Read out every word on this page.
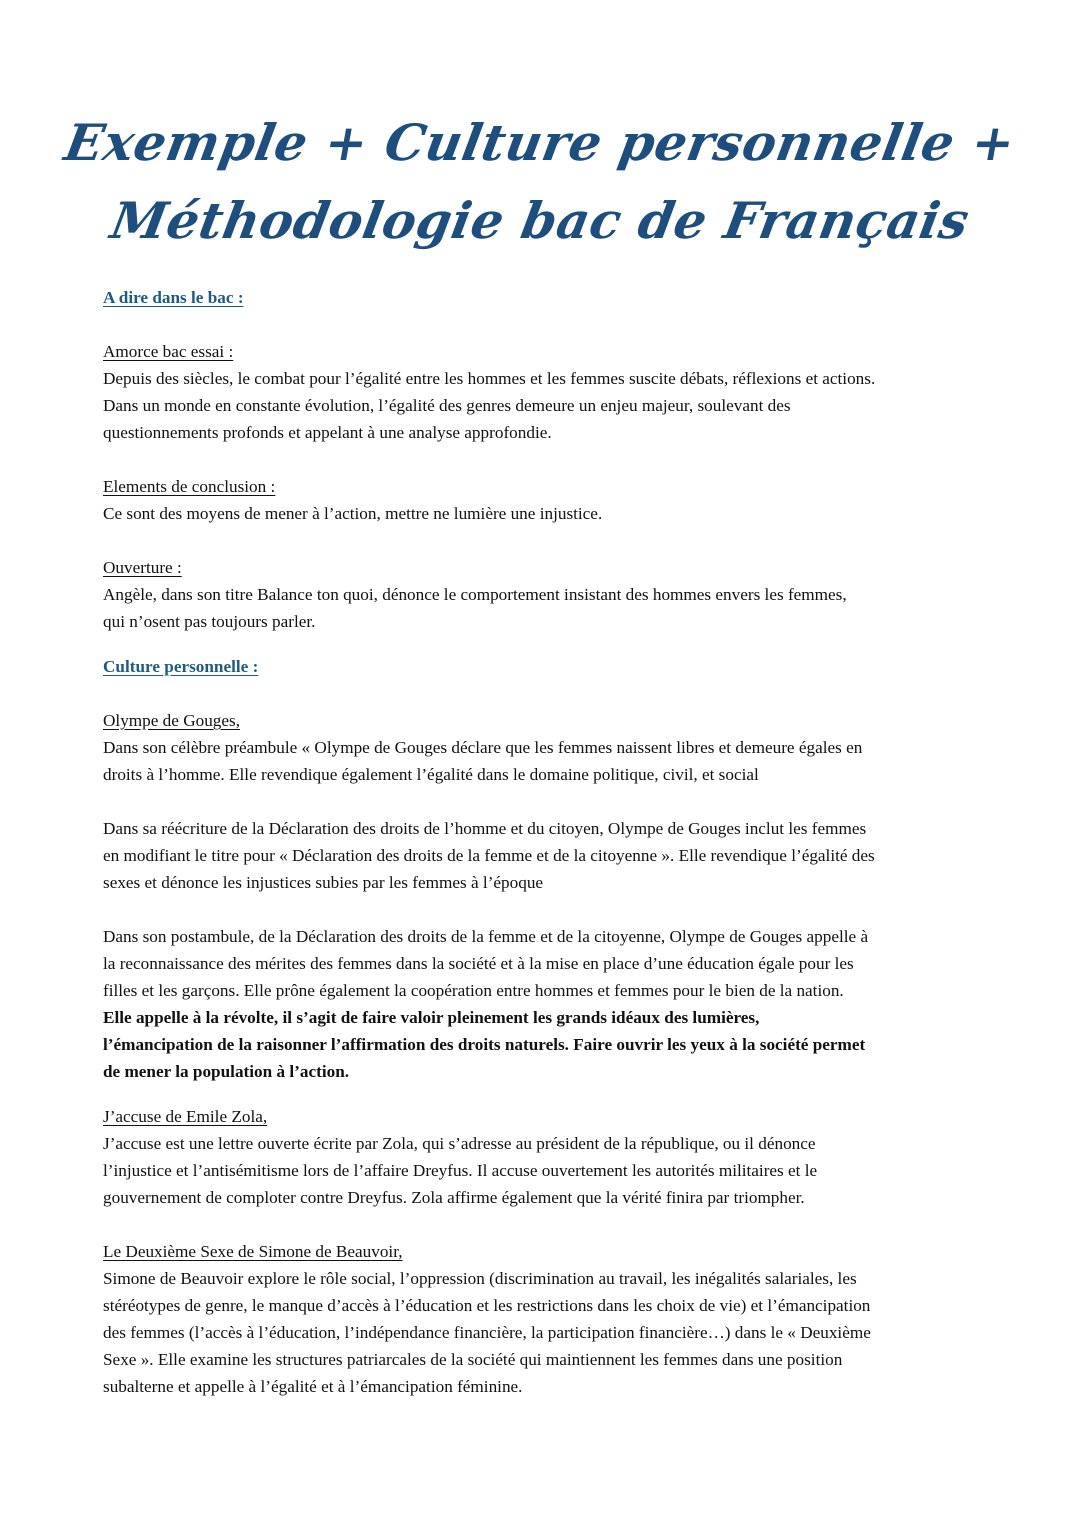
Exemple + Culture personnelle +
Méthodologie bac de Français
A dire dans le bac :
Amorce bac essai :

Depuis des siècles, le combat pour l’égalité entre les hommes et les femmes suscite débats, réflexions et actions.
Dans un monde en constante évolution, l’égalité des genres demeure un enjeu majeur, soulevant des
questionnements profonds et appelant à une analyse approfondie.

Elements de conclusion :

Ce sont des moyens de mener à l’action, mettre ne lumière une injustice.

Ouverture :

Angèle, dans son titre Balance ton quoi, dénonce le comportement insistant des hommes envers les femmes,
qui n’osent pas toujours parler.

Culture personnelle :
Olympe de Gouges,

Dans son célèbre préambule « Olympe de Gouges déclare que les femmes naissent libres et demeure égales en
droits à l’homme. Elle revendique également l’égalité dans le domaine politique, civil, et social

Dans sa réécriture de la Déclaration des droits de l’homme et du citoyen, Olympe de Gouges inclut les femmes
en modifiant le titre pour « Déclaration des droits de la femme et de la citoyenne ». Elle revendique l’égalité des
sexes et dénonce les injustices subies par les femmes à l’époque

Dans son postambule, de la Déclaration des droits de la femme et de la citoyenne, Olympe de Gouges appelle à
la reconnaissance des mérites des femmes dans la société et à la mise en place d’une éducation égale pour les
filles et les garçons. Elle prône également la coopération entre hommes et femmes pour le bien de la nation.
Elle appelle à la révolte, il s’agit de faire valoir pleinement les grands idéaux des lumières,
l’émancipation de la raisonner l’affirmation des droits naturels. Faire ouvrir les yeux à la société permet
de mener la population à l’action.

J’accuse de Emile Zola,

J’accuse est une lettre ouverte écrite par Zola, qui s’adresse au président de la république, ou il dénonce
l’injustice et l’antisémitisme lors de l’affaire Dreyfus. Il accuse ouvertement les autorités militaires et le
gouvernement de comploter contre Dreyfus. Zola affirme également que la vérité finira par triompher.

Le Deuxième Sexe de Simone de Beauvoir,

Simone de Beauvoir explore le rôle social, l’oppression (discrimination au travail, les inégalités salariales, les
stéréotypes de genre, le manque d’accès à l’éducation et les restrictions dans les choix de vie) et l’émancipation
des femmes (l’accès à l’éducation, l’indépendance financière, la participation financière…) dans le « Deuxième
Sexe ». Elle examine les structures patriarcales de la société qui maintiennent les femmes dans une position
subalterne et appelle à l’égalité et à l’émancipation féminine.
